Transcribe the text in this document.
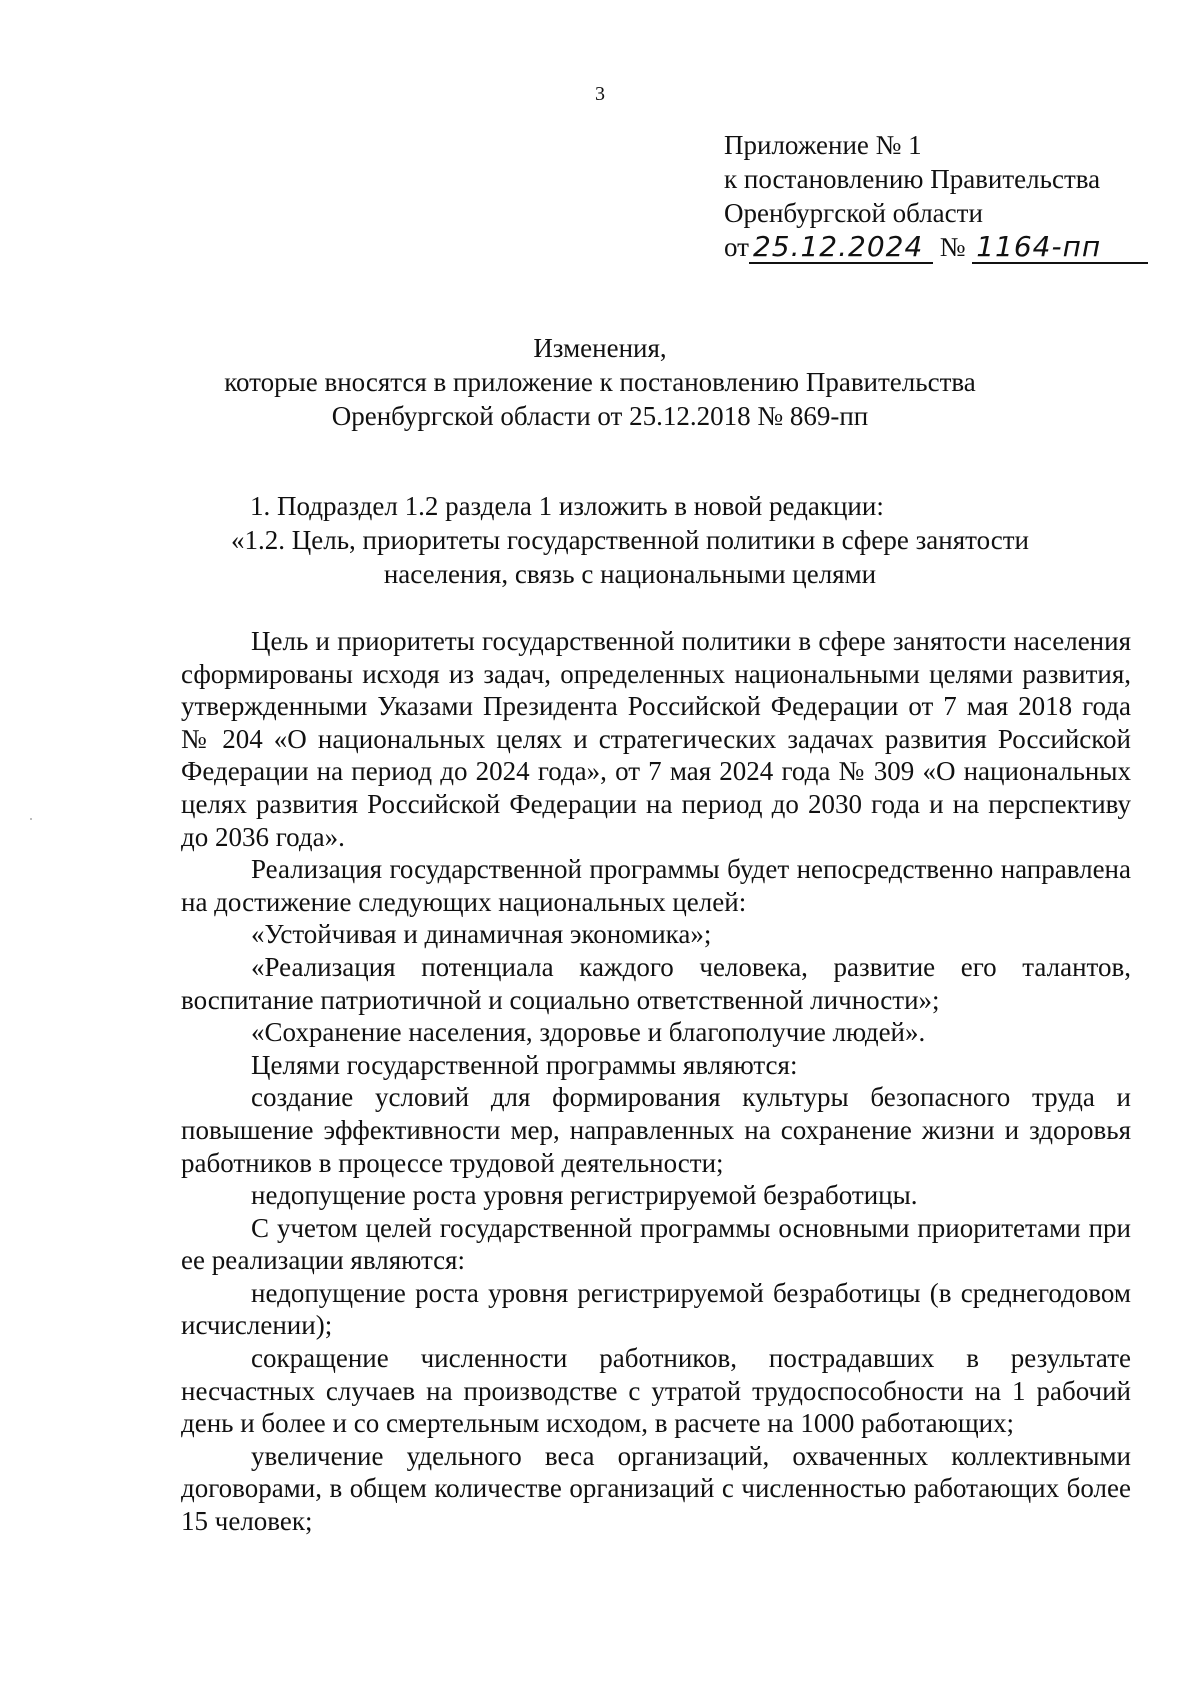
3
Приложение № 1
к постановлению Правительства
Оренбургской области
от 25.12.2024 № 1164-пп
Изменения,
которые вносятся в приложение к постановлению Правительства
Оренбургской области от 25.12.2018 № 869-пп
1. Подраздел 1.2 раздела 1 изложить в новой редакции:
«1.2. Цель, приоритеты государственной политики в сфере занятости
населения, связь с национальными целями

Цель и приоритеты государственной политики в сфере занятости населения сформированы исходя из задач, определенных национальными целями развития, утвержденными Указами Президента Российской Федерации от 7 мая 2018 года № 204 «О национальных целях и стратегических задачах развития Российской Федерации на период до 2024 года», от 7 мая 2024 года № 309 «О национальных целях развития Российской Федерации на период до 2030 года и на перспективу до 2036 года».

Реализация государственной программы будет непосредственно направлена на достижение следующих национальных целей:

«Устойчивая и динамичная экономика»;

«Реализация потенциала каждого человека, развитие его талантов, воспитание патриотичной и социально ответственной личности»;

«Сохранение населения, здоровье и благополучие людей».

Целями государственной программы являются:

создание условий для формирования культуры безопасного труда и повышение эффективности мер, направленных на сохранение жизни и здоровья работников в процессе трудовой деятельности;

недопущение роста уровня регистрируемой безработицы.

С учетом целей государственной программы основными приоритетами при ее реализации являются:

недопущение роста уровня регистрируемой безработицы (в среднегодовом исчислении);

сокращение численности работников, пострадавших в результате несчастных случаев на производстве с утратой трудоспособности на 1 рабочий день и более и со смертельным исходом, в расчете на 1000 работающих;

увеличение удельного веса организаций, охваченных коллективными договорами, в общем количестве организаций с численностью работающих более 15 человек;
